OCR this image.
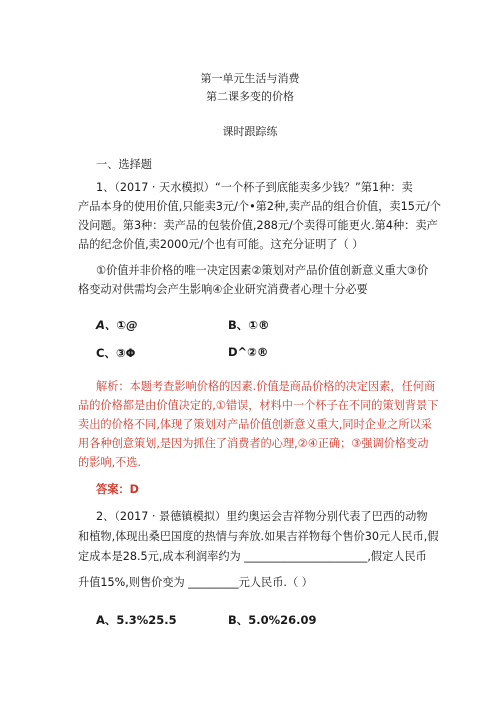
第一单元生活与消费
第二课多变的价格
课时跟踪练
一、选择题
1、（2017 · 天水模拟）“一个杯子到底能卖多少钱？”第1种：卖
产品本身的使用价值,只能卖3元/个•第2种,卖产品的组合价值，卖15元/个
没问题。第3种：卖产品的包装价值,288元/个卖得可能更火.第4种：卖产
品的纪念价值,卖2000元/个也有可能。这充分证明了（ ）
①价值并非价格的唯一决定因素②策划对产品价值创新意义重大③价
格变动对供需均会产生影响④企业研究消费者心理十分必要
A、①@	B、①®
C、③Φ	D^②®
解析：本题考查影响价格的因素.价值是商品价格的决定因素，任何商
品的价格都是由价值决定的,①错误，材料中一个杯子在不同的策划背景下
卖出的价格不同,体现了策划对产品价值创新意义重大,同时企业之所以采
用各种创意策划,是因为抓住了消费者的心理,②④正确；③强调价格变动
的影响,不选.
答案：D
2、（2017 · 景德镇模拟）里约奥运会吉祥物分别代表了巴西的动物
和植物,体现出桑巴国度的热情与奔放.如果吉祥物每个售价30元人民币,假
定成本是28.5元,成本利润率约为 ______________________,假定人民币
升值15%,则售价变为 _________元人民币.（ ）
A、5.3%25.5	B、5.0%26.09
